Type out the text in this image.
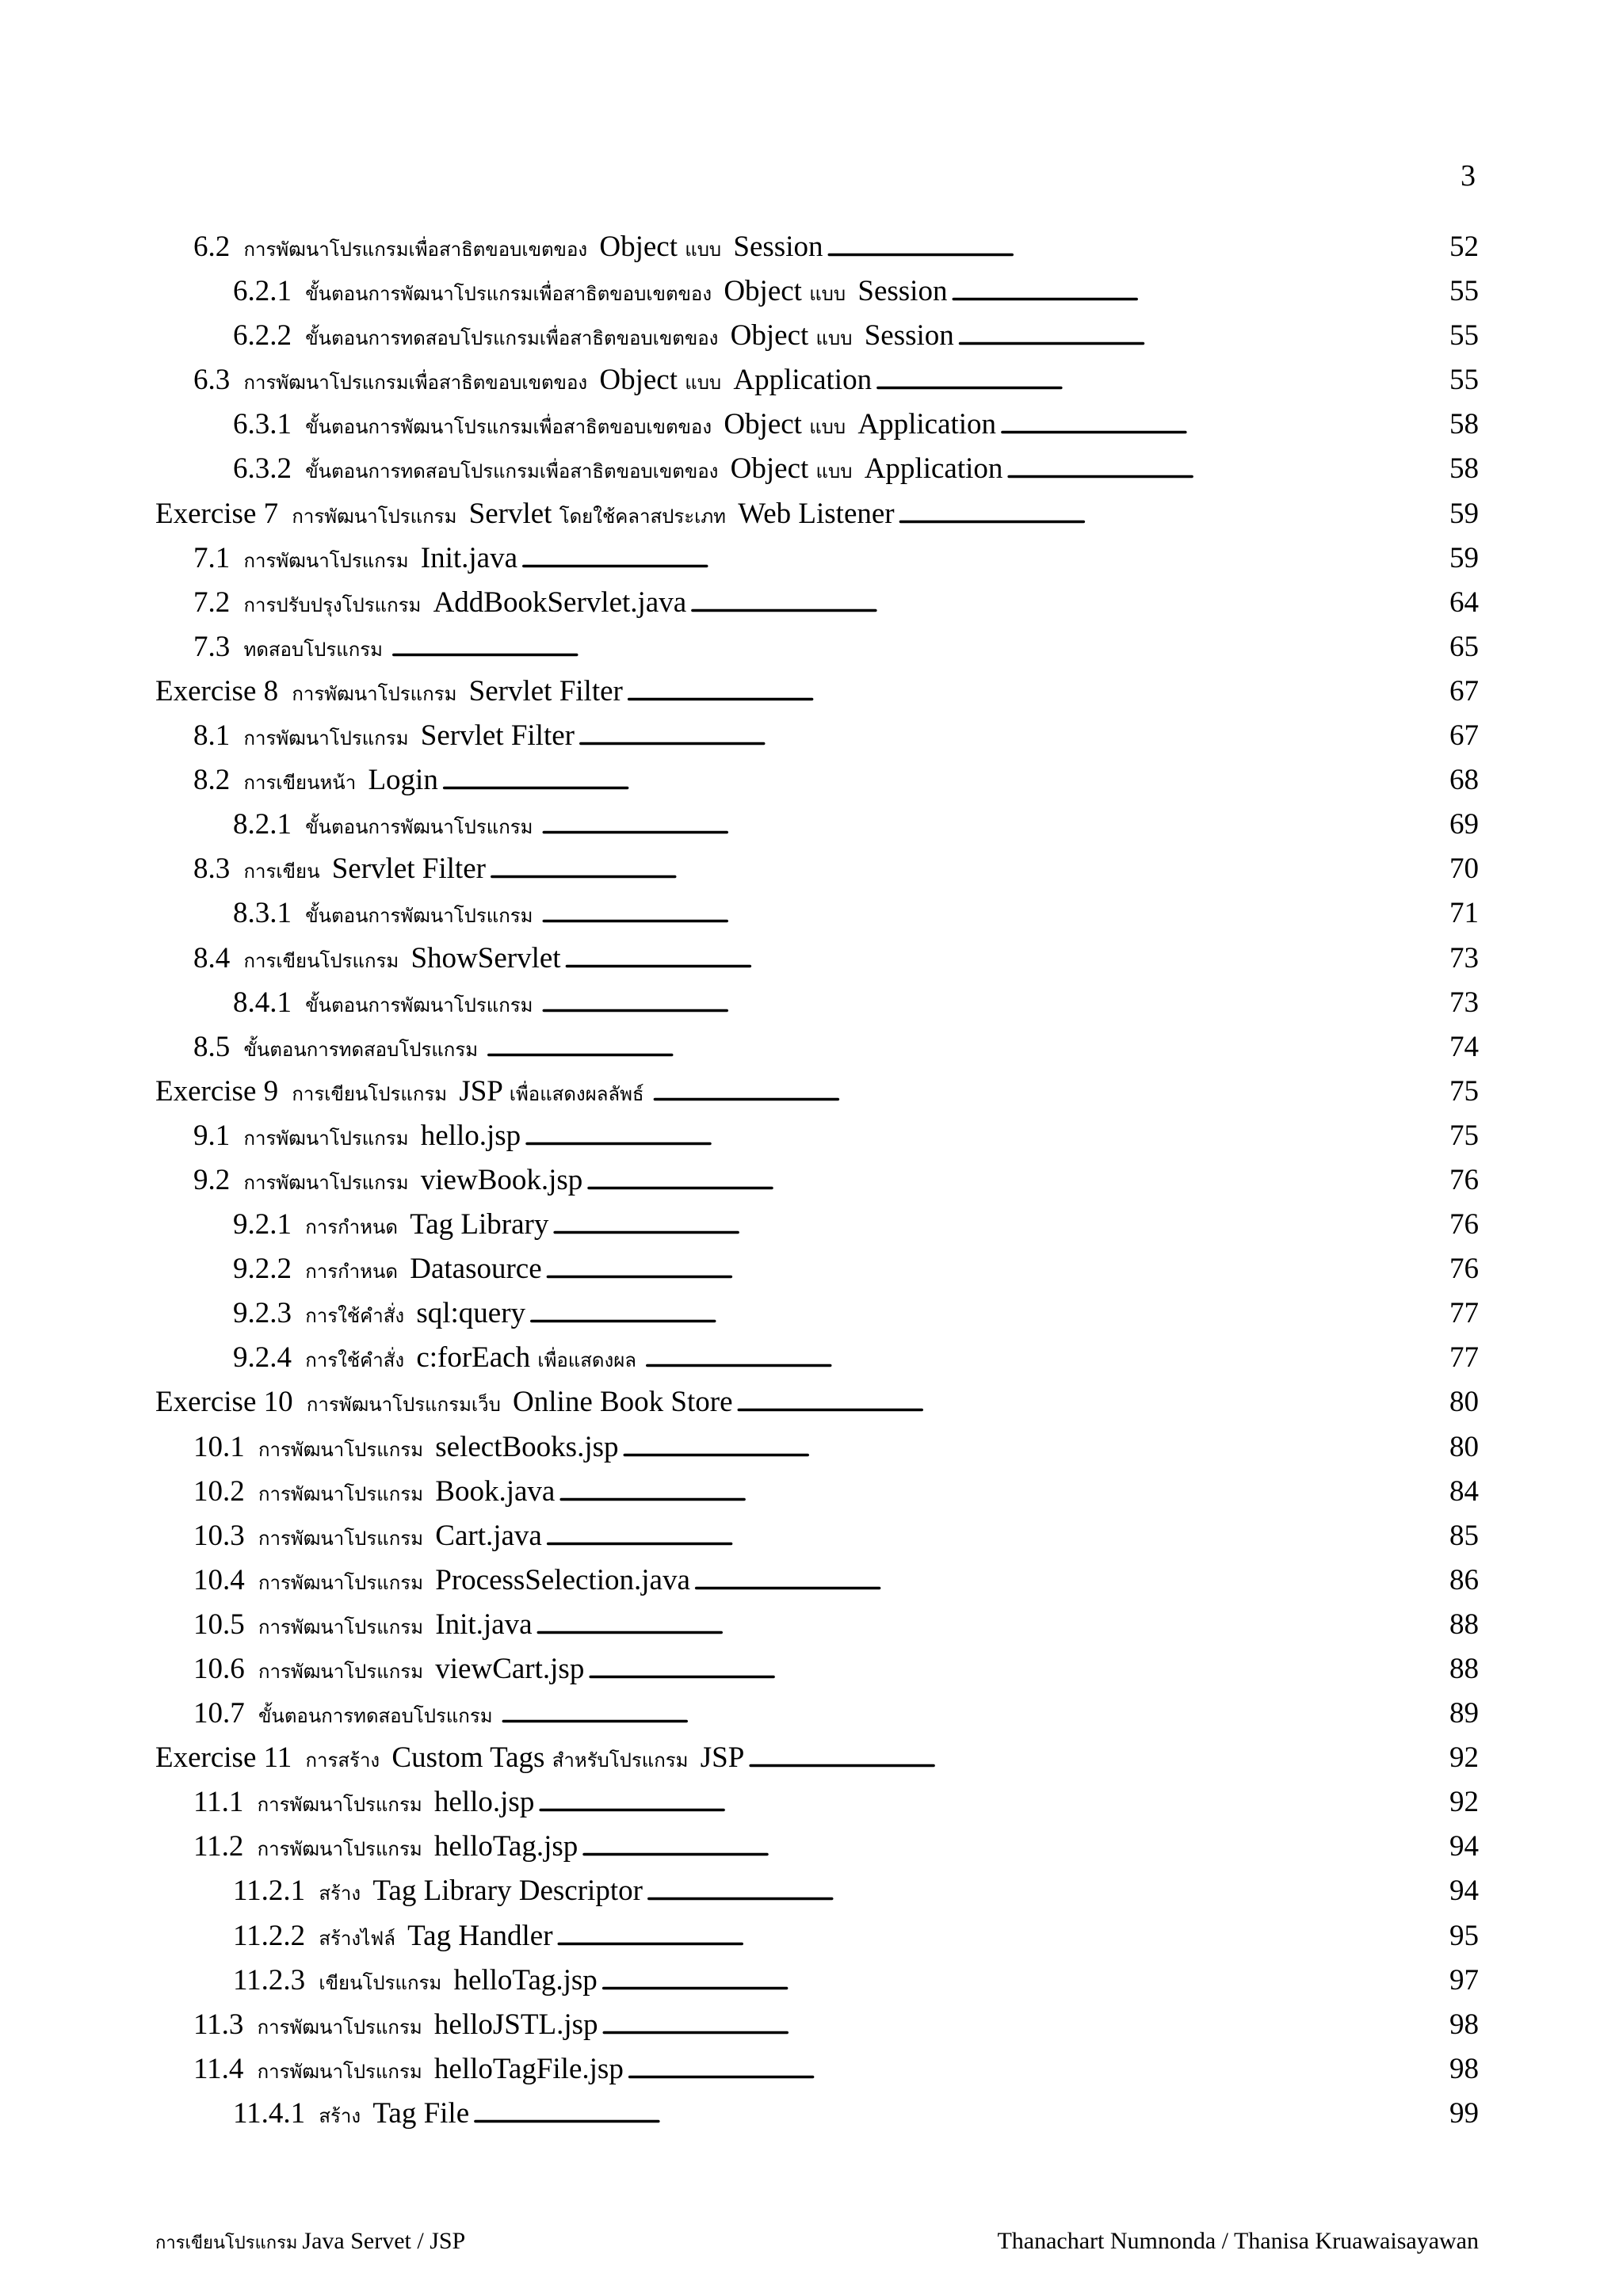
3
6.2 การพัฒนาโปรแกรมเพื่อสาธิตขอบเขตของ Object แบบ Session . . .	52
6.2.1 ขั้นตอนการพัฒนาโปรแกรมเพื่อสาธิตขอบเขตของ Object แบบ Session . . .	55
6.2.2 ขั้นตอนการทดสอบโปรแกรมเพื่อสาธิตขอบเขตของ Object แบบ Session . . .	55
6.3 การพัฒนาโปรแกรมเพื่อสาธิตขอบเขตของ Object แบบ Application . . .	55
6.3.1 ขั้นตอนการพัฒนาโปรแกรมเพื่อสาธิตขอบเขตของ Object แบบ Application . . .	58
6.3.2 ขั้นตอนการทดสอบโปรแกรมเพื่อสาธิตขอบเขตของ Object แบบ Application . . .	58
Exercise 7 การพัฒนาโปรแกรม Servlet โดยใช้คลาสประเภท Web Listener . . .	59
7.1 การพัฒนาโปรแกรม Init.java . . .	59
7.2 การปรับปรุงโปรแกรม AddBookServlet.java . . .	64
7.3 ทดสอบโปรแกรม . . .	65
Exercise 8 การพัฒนาโปรแกรม Servlet Filter . . .	67
8.1 การพัฒนาโปรแกรม Servlet Filter . . .	67
8.2 การเขียนหน้า Login . . .	68
8.2.1 ขั้นตอนการพัฒนาโปรแกรม . . .	69
8.3 การเขียน Servlet Filter . . .	70
8.3.1 ขั้นตอนการพัฒนาโปรแกรม . . .	71
8.4 การเขียนโปรแกรม ShowServlet . . .	73
8.4.1 ขั้นตอนการพัฒนาโปรแกรม . . .	73
8.5 ขั้นตอนการทดสอบโปรแกรม . . .	74
Exercise 9 การเขียนโปรแกรม JSP เพื่อแสดงผลลัพธ์ . . .	75
9.1 การพัฒนาโปรแกรม hello.jsp . . .	75
9.2 การพัฒนาโปรแกรม viewBook.jsp . . .	76
9.2.1 การกำหนด Tag Library . . .	76
9.2.2 การกำหนด Datasource . . .	76
9.2.3 การใช้คำสั่ง sql:query . . .	77
9.2.4 การใช้คำสั่ง c:forEach เพื่อแสดงผล . . .	77
Exercise 10 การพัฒนาโปรแกรมเว็บ Online Book Store . . .	80
10.1 การพัฒนาโปรแกรม selectBooks.jsp . . .	80
10.2 การพัฒนาโปรแกรม Book.java . . .	84
10.3 การพัฒนาโปรแกรม Cart.java . . .	85
10.4 การพัฒนาโปรแกรม ProcessSelection.java . . .	86
10.5 การพัฒนาโปรแกรม Init.java . . .	88
10.6 การพัฒนาโปรแกรม viewCart.jsp . . .	88
10.7 ขั้นตอนการทดสอบโปรแกรม . . .	89
Exercise 11 การสร้าง Custom Tags สำหรับโปรแกรม JSP . . .	92
11.1 การพัฒนาโปรแกรม hello.jsp . . .	92
11.2 การพัฒนาโปรแกรม helloTag.jsp . . .	94
11.2.1 สร้าง Tag Library Descriptor . . .	94
11.2.2 สร้างไฟล์ Tag Handler . . .	95
11.2.3 เขียนโปรแกรม helloTag.jsp . . .	97
11.3 การพัฒนาโปรแกรม helloJSTL.jsp . . .	98
11.4 การพัฒนาโปรแกรม helloTagFile.jsp . . .	98
11.4.1 สร้าง Tag File . . .	99
การเขียนโปรแกรม Java Servet / JSP	Thanachart Numnonda / Thanisa Kruawaisayawan
